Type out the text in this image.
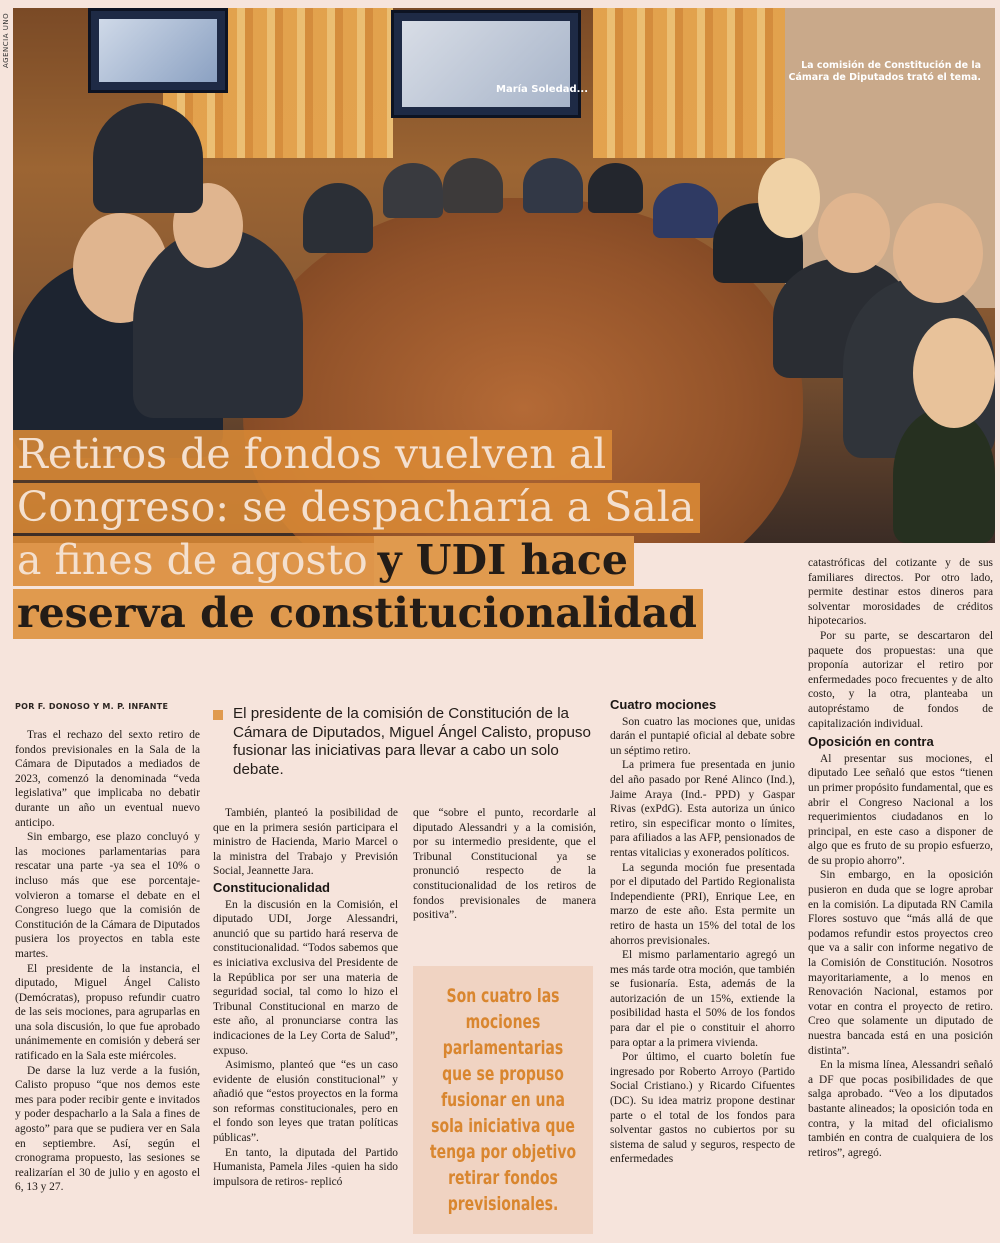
María Soledad...
La comisión de Constitución de la Cámara de Diputados trató el tema.
AGENCIA UNO
Retiros de fondos vuelven al
Congreso: se despacharía a Sala
a fines de agosto y UDI hace
reserva de constitucionalidad
POR F. DONOSO Y M. P. INFANTE	El presidente de la comisión de Constitución de la Cámara de Diputados, Miguel Ángel Calisto, propuso fusionar las iniciativas para llevar a cabo un solo debate.

Tras el rechazo del sexto retiro de fondos previsionales en la Sala de la Cámara de Diputados a mediados de 2023, comenzó la denominada “veda legislativa” que implicaba no debatir durante un año un eventual nuevo anticipo.

Sin embargo, ese plazo concluyó y las mociones parlamentarias para rescatar una parte -ya sea el 10% o incluso más que ese porcentaje- volvieron a tomarse el debate en el Congreso luego que la comisión de Constitución de la Cámara de Diputados pusiera los proyectos en tabla este martes.

El presidente de la instancia, el diputado, Miguel Ángel Calisto (Demócratas), propuso refundir cuatro de las seis mociones, para agruparlas en una sola discusión, lo que fue aprobado unánimemente en comisión y deberá ser ratificado en la Sala este miércoles.

De darse la luz verde a la fusión, Calisto propuso “que nos demos este mes para poder recibir gente e invitados y poder despacharlo a la Sala a fines de agosto” para que se pudiera ver en Sala en septiembre. Así, según el cronograma propuesto, las sesiones se realizarían el 30 de julio y en agosto el 6, 13 y 27.

También, planteó la posibilidad de que en la primera sesión participara el ministro de Hacienda, Mario Marcel o la ministra del Trabajo y Previsión Social, Jeannette Jara.

Constitucionalidad

En la discusión en la Comisión, el diputado UDI, Jorge Alessandri, anunció que su partido hará reserva de constitucionalidad. “Todos sabemos que es iniciativa exclusiva del Presidente de la República por ser una materia de seguridad social, tal como lo hizo el Tribunal Constitucional en marzo de este año, al pronunciarse contra las indicaciones de la Ley Corta de Salud”, expuso.

Asimismo, planteó que “es un caso evidente de elusión constitucional” y añadió que “estos proyectos en la forma son reformas constitucionales, pero en el fondo son leyes que tratan políticas públicas”.

En tanto, la diputada del Partido Humanista, Pamela Jiles -quien ha sido impulsora de retiros- replicó

que “sobre el punto, recordarle al diputado Alessandri y a la comisión, por su intermedio presidente, que el Tribunal Constitucional ya se pronunció respecto de la constitucionalidad de los retiros de fondos previsionales de manera positiva”.

Son cuatro las mociones parlamentarias que se propuso fusionar en una sola iniciativa que tenga por objetivo retirar fondos previsionales.
Cuatro mociones

Son cuatro las mociones que, unidas darán el puntapié oficial al debate sobre un séptimo retiro.

La primera fue presentada en junio del año pasado por René Alinco (Ind.), Jaime Araya (Ind.- PPD) y Gaspar Rivas (exPdG). Esta autoriza un único retiro, sin especificar monto o límites, para afiliados a las AFP, pensionados de rentas vitalicias y exonerados políticos.

La segunda moción fue presentada por el diputado del Partido Regionalista Independiente (PRI), Enrique Lee, en marzo de este año. Esta permite un retiro de hasta un 15% del total de los ahorros previsionales.

El mismo parlamentario agregó un mes más tarde otra moción, que también se fusionaría. Esta, además de la autorización de un 15%, extiende la posibilidad hasta el 50% de los fondos para dar el pie o constituir el ahorro para optar a la primera vivienda.

Por último, el cuarto boletín fue ingresado por Roberto Arroyo (Partido Social Cristiano.) y Ricardo Cifuentes (DC). Su idea matriz propone destinar parte o el total de los fondos para solventar gastos no cubiertos por su sistema de salud y seguros, respecto de enfermedades

catastróficas del cotizante y de sus familiares directos. Por otro lado, permite destinar estos dineros para solventar morosidades de créditos hipotecarios.

Por su parte, se descartaron del paquete dos propuestas: una que proponía autorizar el retiro por enfermedades poco frecuentes y de alto costo, y la otra, planteaba un autopréstamo de fondos de capitalización individual.

Oposición en contra

Al presentar sus mociones, el diputado Lee señaló que estos “tienen un primer propósito fundamental, que es abrir el Congreso Nacional a los requerimientos ciudadanos en lo principal, en este caso a disponer de algo que es fruto de su propio esfuerzo, de su propio ahorro”.

Sin embargo, en la oposición pusieron en duda que se logre aprobar en la comisión. La diputada RN Camila Flores sostuvo que “más allá de que podamos refundir estos proyectos creo que va a salir con informe negativo de la Comisión de Constitución. Nosotros mayoritariamente, a lo menos en Renovación Nacional, estamos por votar en contra el proyecto de retiro. Creo que solamente un diputado de nuestra bancada está en una posición distinta”.

En la misma línea, Alessandri señaló a DF que pocas posibilidades de que salga aprobado. “Veo a los diputados bastante alineados; la oposición toda en contra, y la mitad del oficialismo también en contra de cualquiera de los retiros”, agregó.
